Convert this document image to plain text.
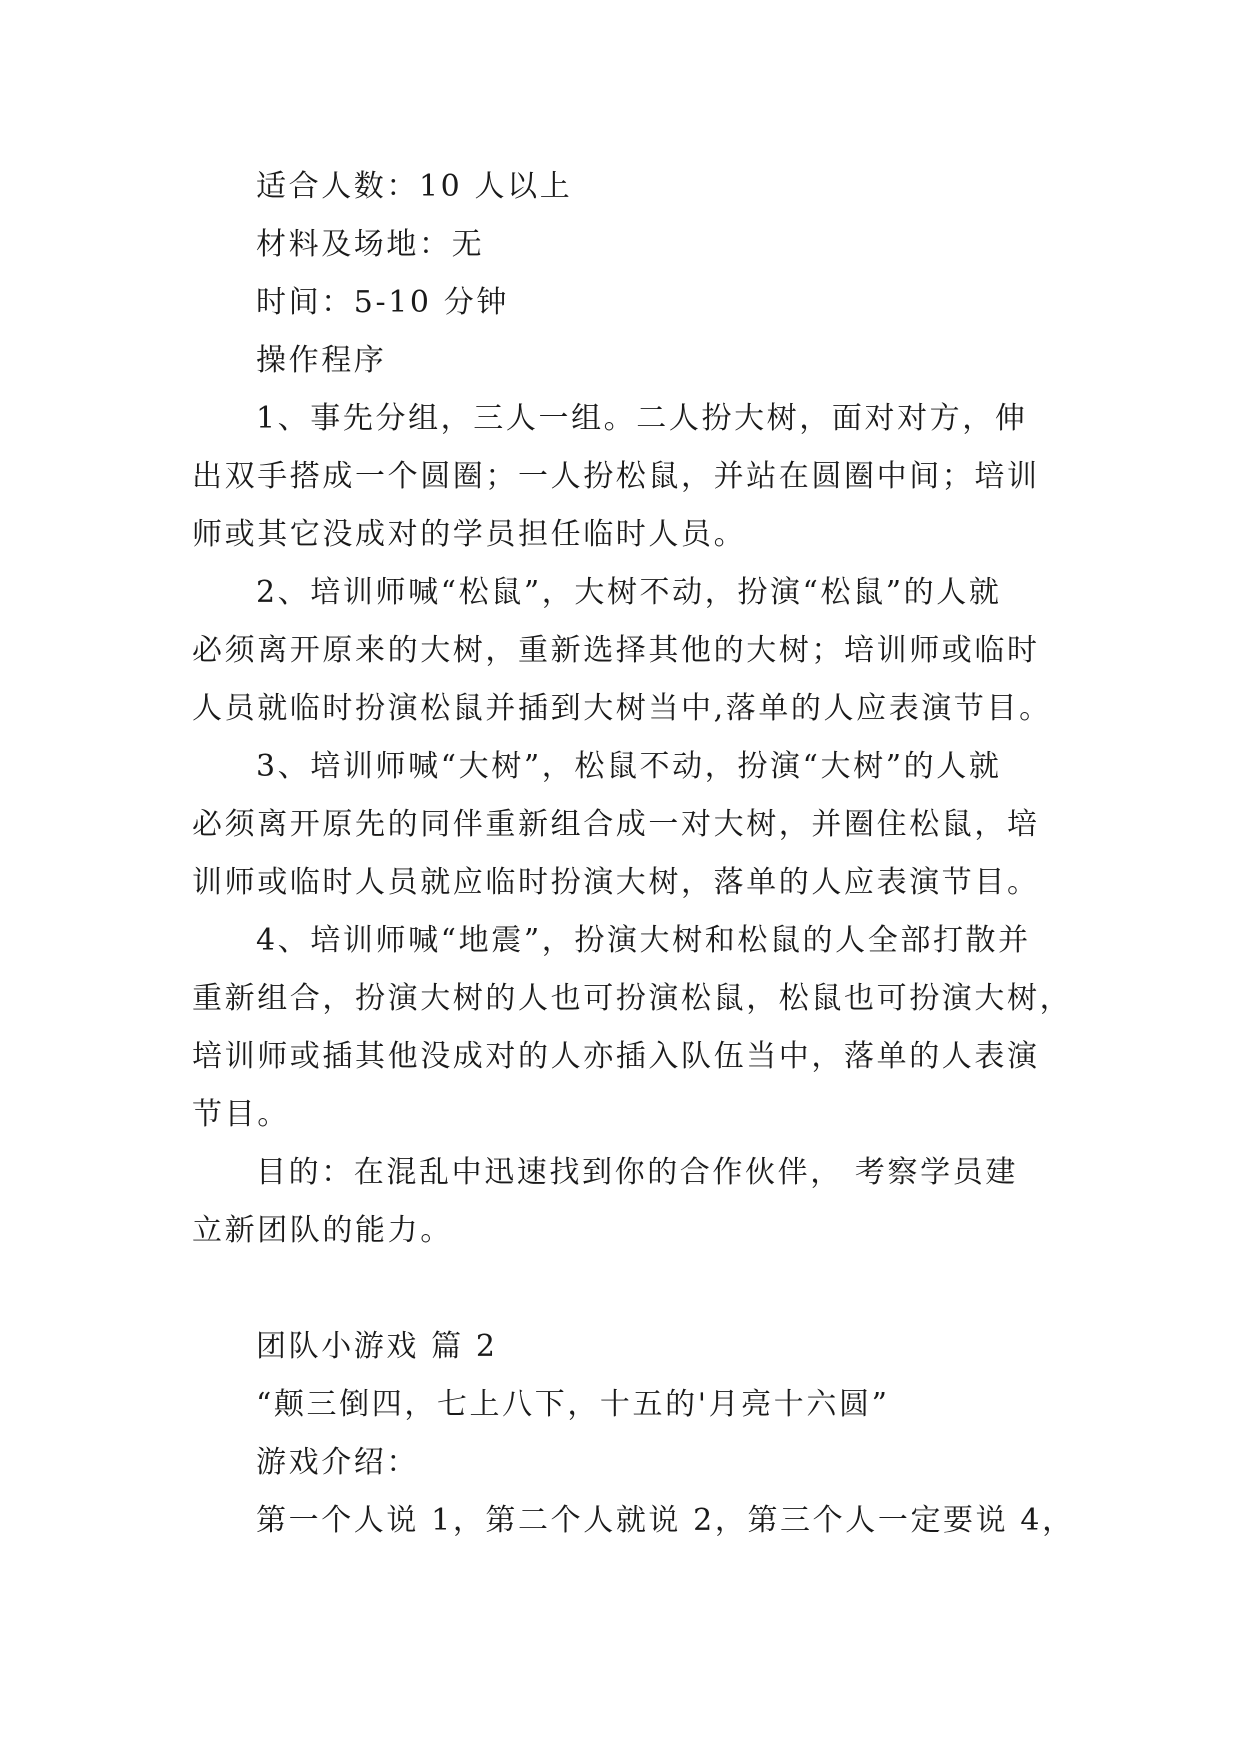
适合人数：10 人以上
材料及场地：无
时间：5-10 分钟
操作程序
1、事先分组，三人一组。二人扮大树，面对对方，伸
出双手搭成一个圆圈；一人扮松鼠，并站在圆圈中间；培训
师或其它没成对的学员担任临时人员。
2、培训师喊“松鼠”，大树不动，扮演“松鼠”的人就
必须离开原来的大树，重新选择其他的大树；培训师或临时
人员就临时扮演松鼠并插到大树当中,落单的人应表演节目。
3、培训师喊“大树”，松鼠不动，扮演“大树”的人就
必须离开原先的同伴重新组合成一对大树，并圈住松鼠，培
训师或临时人员就应临时扮演大树，落单的人应表演节目。
4、培训师喊“地震”，扮演大树和松鼠的人全部打散并
重新组合，扮演大树的人也可扮演松鼠，松鼠也可扮演大树，
培训师或插其他没成对的人亦插入队伍当中，落单的人表演
节目。
目的：在混乱中迅速找到你的合作伙伴， 考察学员建
立新团队的能力。
团队小游戏 篇 2
“颠三倒四，七上八下，十五的'月亮十六圆”
游戏介绍：
第一个人说 1，第二个人就说 2，第三个人一定要说 4，
